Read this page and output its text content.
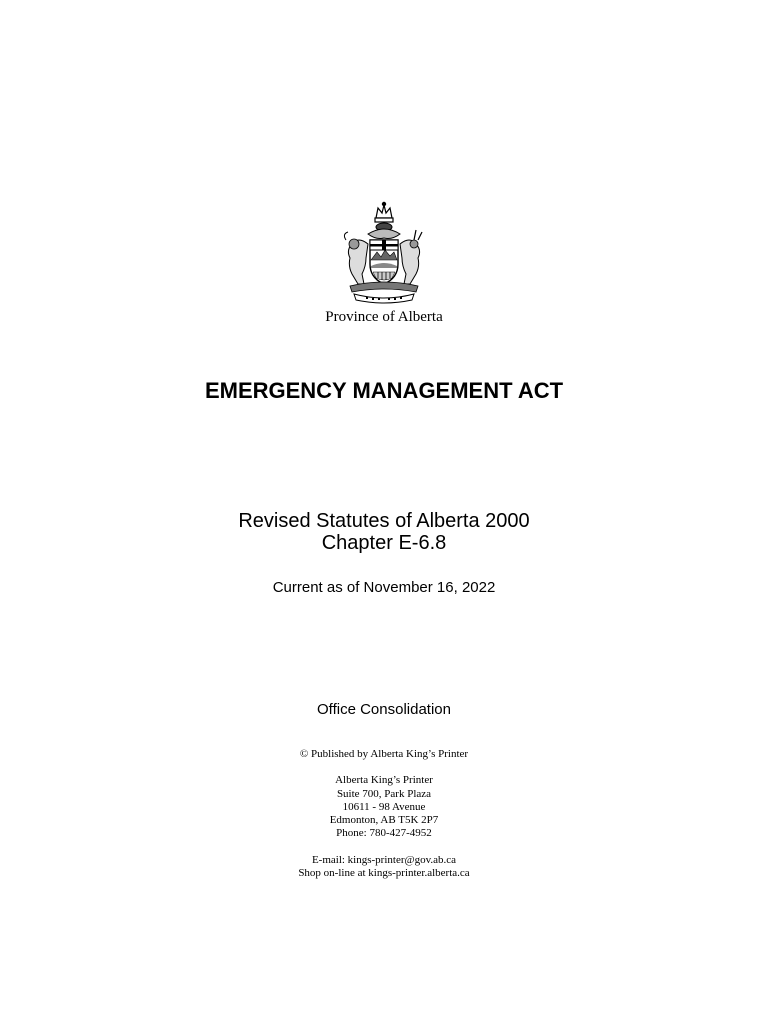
Province of Alberta
EMERGENCY MANAGEMENT ACT
Revised Statutes of Alberta 2000
Chapter E-6.8
Current as of November 16, 2022
Office Consolidation
© Published by Alberta King’s Printer
Alberta King’s Printer
Suite 700, Park Plaza
10611 - 98 Avenue
Edmonton, AB T5K 2P7
Phone: 780-427-4952
E-mail: kings-printer@gov.ab.ca
Shop on-line at kings-printer.alberta.ca
